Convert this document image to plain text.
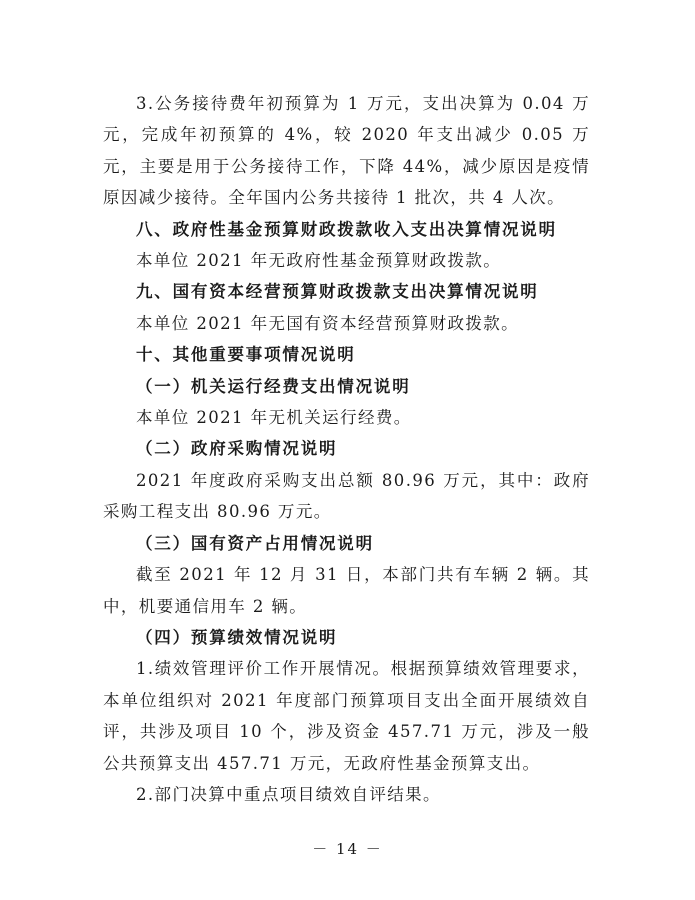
3.公务接待费年初预算为 1 万元，支出决算为 0.04 万元，完成年初预算的 4%，较 2020 年支出减少 0.05 万元，主要是用于公务接待工作，下降 44%，减少原因是疫情原因减少接待。全年国内公务共接待 1 批次，共 4 人次。

八、政府性基金预算财政拨款收入支出决算情况说明

本单位 2021 年无政府性基金预算财政拨款。

九、国有资本经营预算财政拨款支出决算情况说明

本单位 2021 年无国有资本经营预算财政拨款。

十、其他重要事项情况说明

（一）机关运行经费支出情况说明

本单位 2021 年无机关运行经费。

（二）政府采购情况说明

2021 年度政府采购支出总额 80.96 万元，其中：政府采购工程支出 80.96 万元。

（三）国有资产占用情况说明

截至 2021 年 12 月 31 日，本部门共有车辆 2 辆。其中，机要通信用车 2 辆。

（四）预算绩效情况说明

1.绩效管理评价工作开展情况。根据预算绩效管理要求，本单位组织对 2021 年度部门预算项目支出全面开展绩效自评，共涉及项目 10 个，涉及资金 457.71 万元，涉及一般公共预算支出 457.71 万元，无政府性基金预算支出。

2.部门决算中重点项目绩效自评结果。

－ 14 －
